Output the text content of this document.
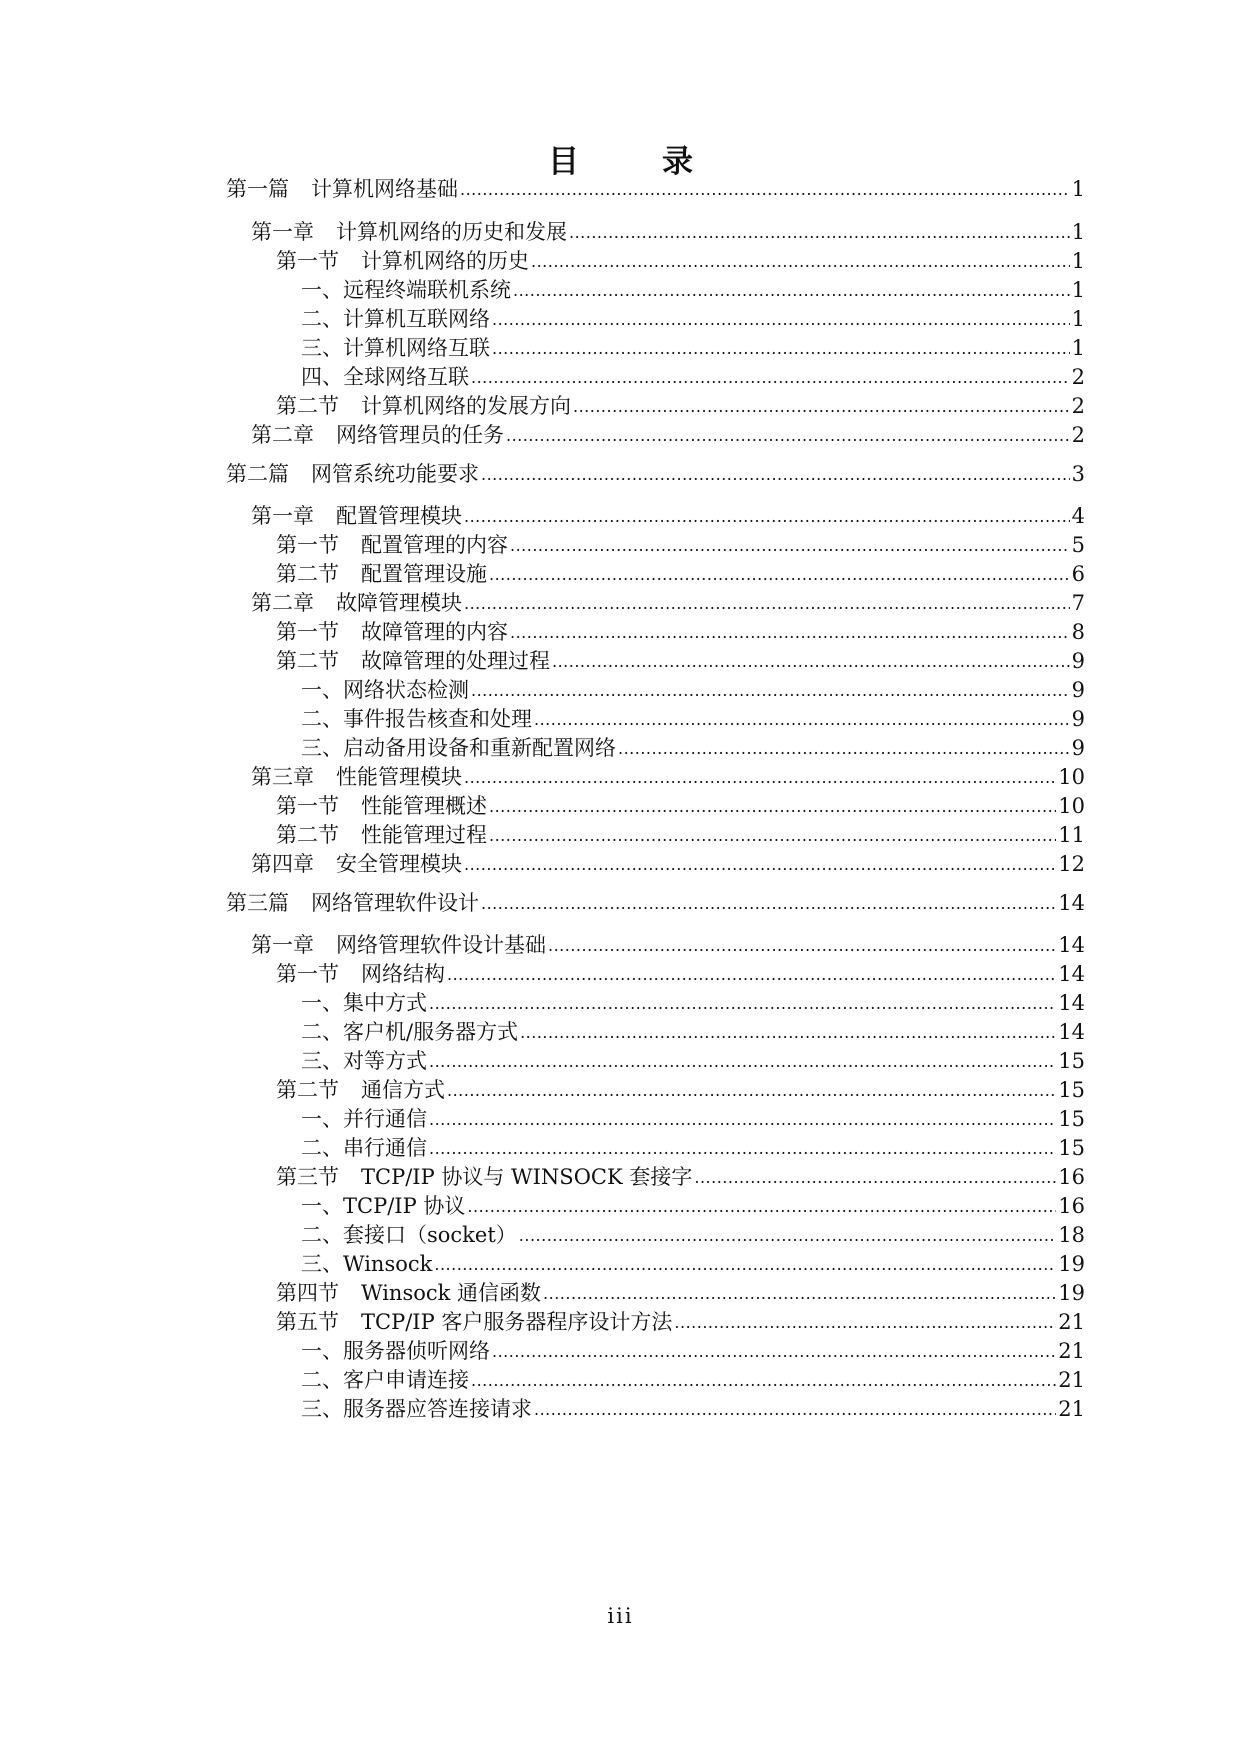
目　录
第一篇 计算机网络基础 .....	1
第一章 计算机网络的历史和发展 .....	1
第一节 计算机网络的历史 .....	1
一、远程终端联机系统 .....	1
二、计算机互联网络 .....	1
三、计算机网络互联 .....	1
四、全球网络互联 .....	2
第二节 计算机网络的发展方向 .....	2
第二章 网络管理员的任务 .....	2
第二篇 网管系统功能要求 .....	3
第一章 配置管理模块 .....	4
第一节 配置管理的内容 .....	5
第二节 配置管理设施 .....	6
第二章 故障管理模块 .....	7
第一节 故障管理的内容 .....	8
第二节 故障管理的处理过程 .....	9
一、网络状态检测 .....	9
二、事件报告核查和处理 .....	9
三、启动备用设备和重新配置网络 .....	9
第三章 性能管理模块 .....	10
第一节 性能管理概述 .....	10
第二节 性能管理过程 .....	11
第四章 安全管理模块 .....	12
第三篇 网络管理软件设计 .....	14
第一章 网络管理软件设计基础 .....	14
第一节 网络结构 .....	14
一、集中方式 .....	14
二、客户机/服务器方式 .....	14
三、对等方式 .....	15
第二节 通信方式 .....	15
一、并行通信 .....	15
二、串行通信 .....	15
第三节 TCP/IP 协议与 WINSOCK 套接字 .....	16
一、TCP/IP 协议 .....	16
二、套接口（socket） .....	18
三、Winsock .....	19
第四节 Winsock 通信函数 .....	19
第五节 TCP/IP 客户服务器程序设计方法 .....	21
一、服务器侦听网络 .....	21
二、客户申请连接 .....	21
三、服务器应答连接请求 .....	21
iii
